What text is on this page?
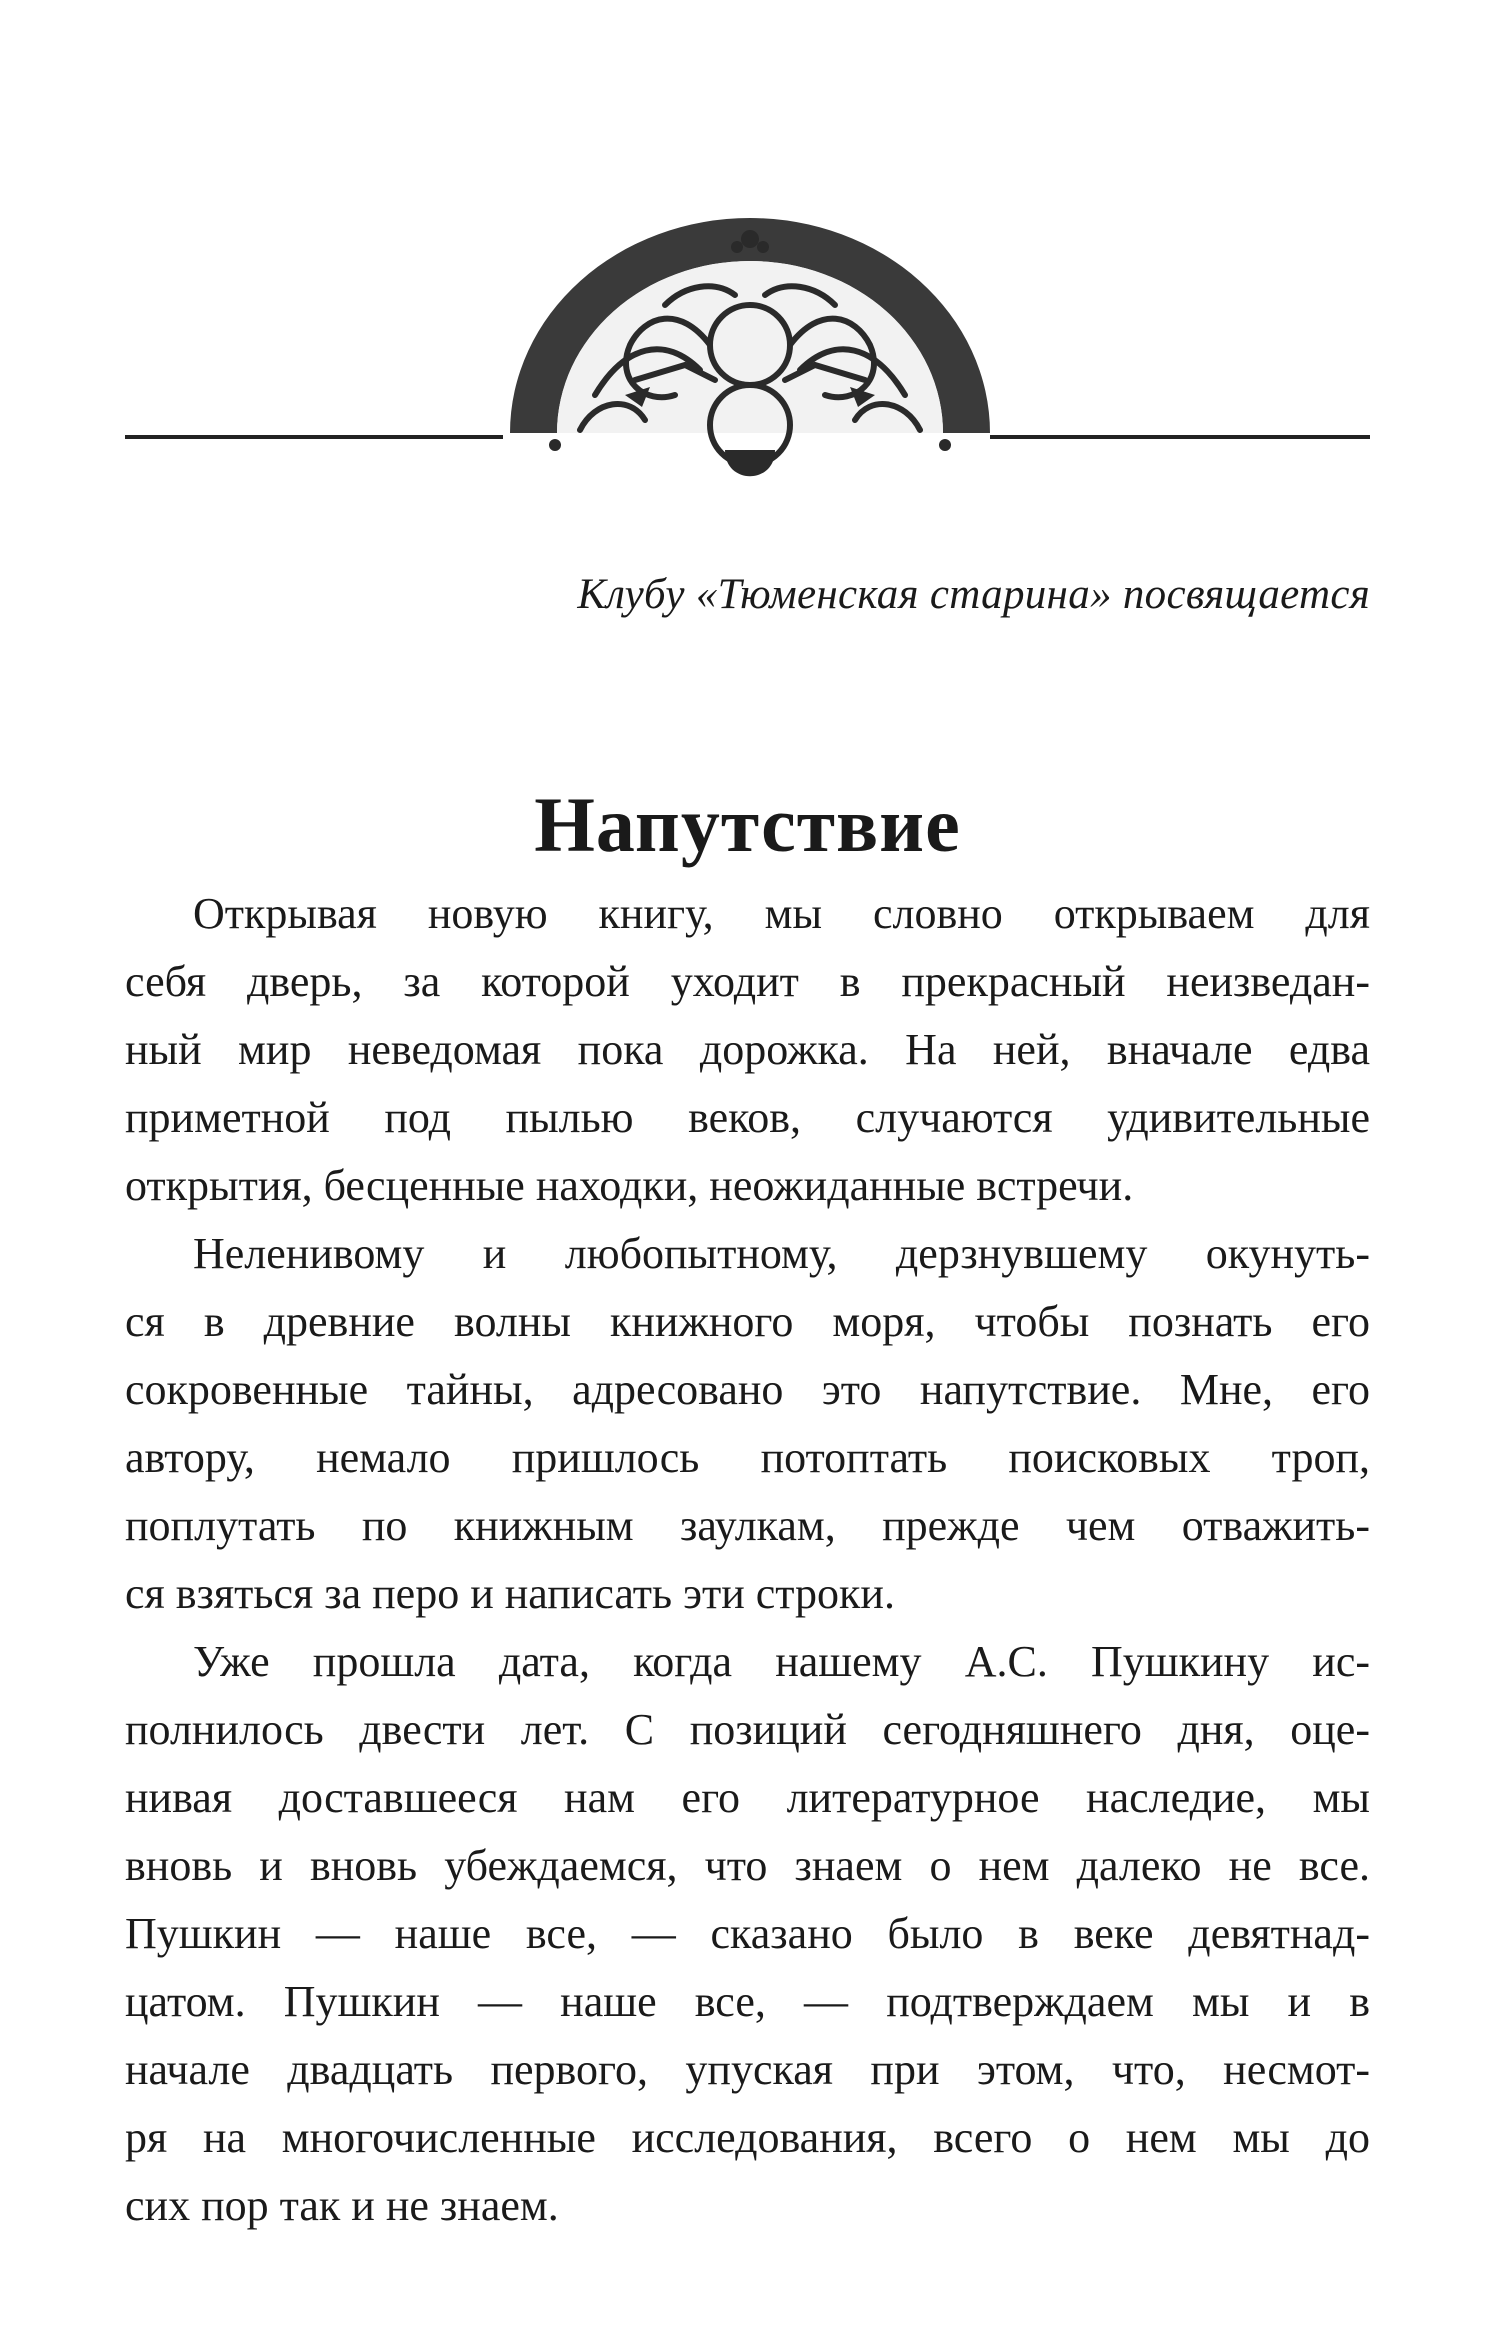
Клубу «Тюменская старина» посвящается
Напутствие
Открывая новую книгу, мы словно открываем для
себя дверь, за которой уходит в прекрасный неизведан-
ный мир неведомая пока дорожка. На ней, вначале едва
приметной под пылью веков, случаются удивительные
открытия, бесценные находки, неожиданные встречи.
Неленивому и любопытному, дерзнувшему окунуть-
ся в древние волны книжного моря, чтобы познать его
сокровенные тайны, адресовано это напутствие. Мне, его
автору, немало пришлось потоптать поисковых троп,
поплутать по книжным заулкам, прежде чем отважить-
ся взяться за перо и написать эти строки.
Уже прошла дата, когда нашему А.С. Пушкину ис-
полнилось двести лет. С позиций сегодняшнего дня, оце-
нивая доставшееся нам его литературное наследие, мы
вновь и вновь убеждаемся, что знаем о нем далеко не все.
Пушкин — наше все, — сказано было в веке девятнад-
цатом. Пушкин — наше все, — подтверждаем мы и в
начале двадцать первого, упуская при этом, что, несмот-
ря на многочисленные исследования, всего о нем мы до
сих пор так и не знаем.
